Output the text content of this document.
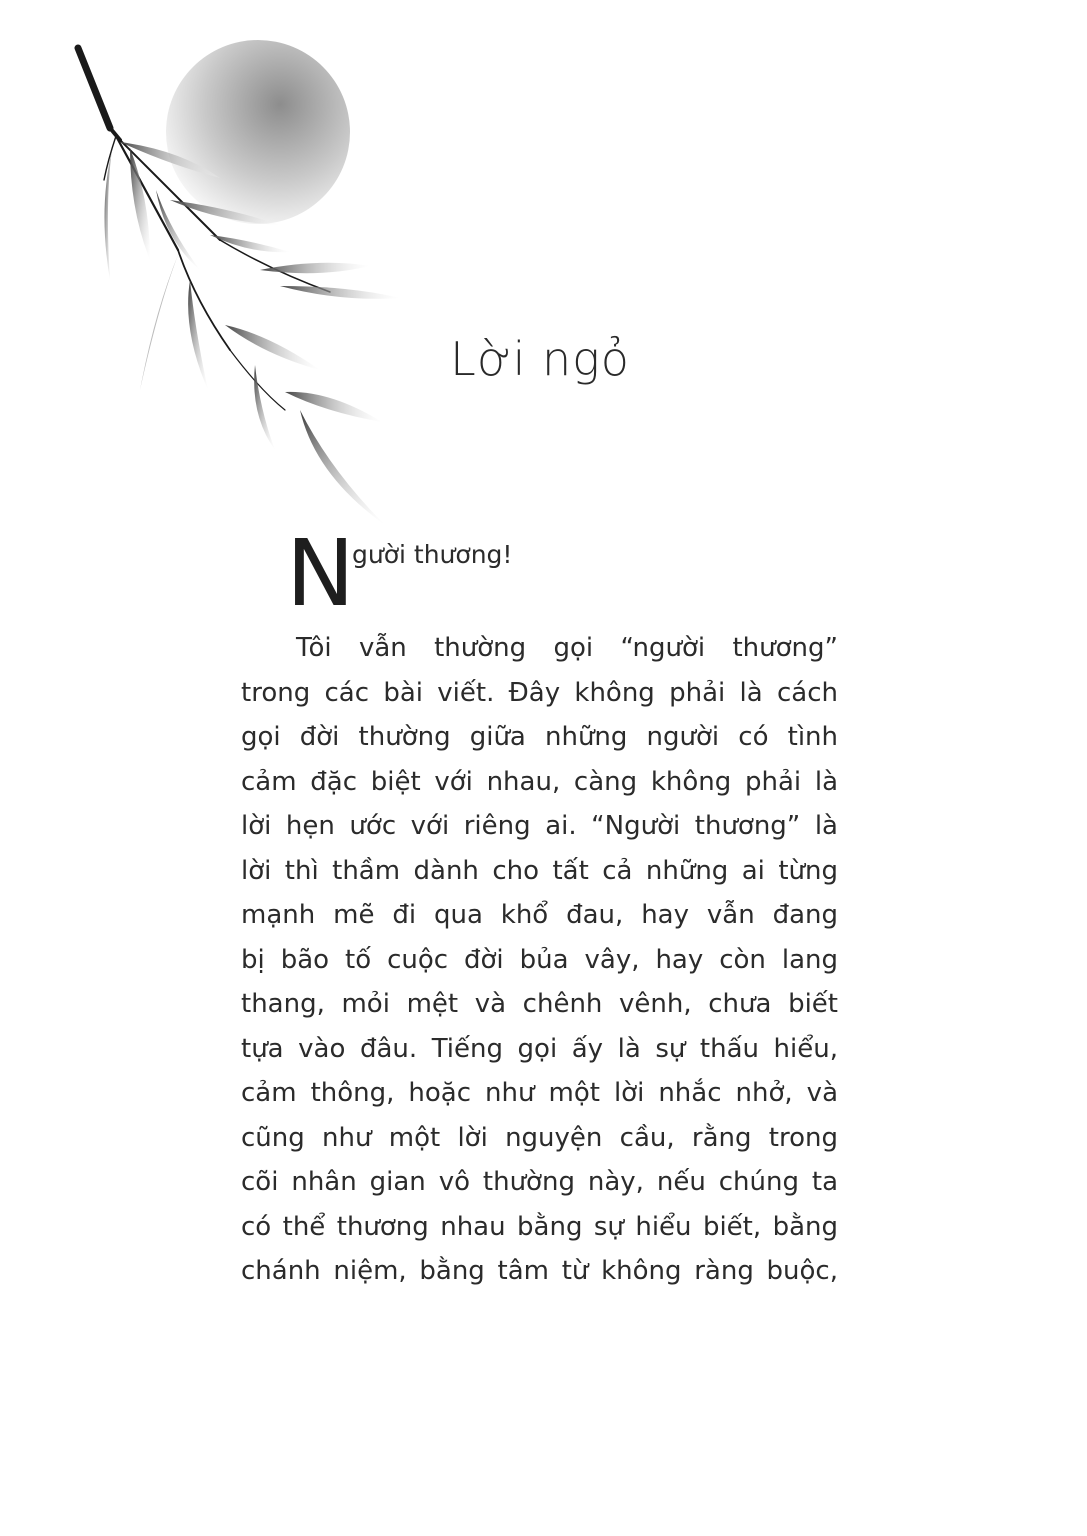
Lời ngỏ
N
gười thương!
Tôi vẫn thường gọi “người thương”
trong các bài viết. Đây không phải là cách
gọi đời thường giữa những người có tình
cảm đặc biệt với nhau, càng không phải là
lời hẹn ước với riêng ai. “Người thương” là
lời thì thầm dành cho tất cả những ai từng
mạnh mẽ đi qua khổ đau, hay vẫn đang
bị bão tố cuộc đời bủa vây, hay còn lang
thang, mỏi mệt và chênh vênh, chưa biết
tựa vào đâu. Tiếng gọi ấy là sự thấu hiểu,
cảm thông, hoặc như một lời nhắc nhở, và
cũng như một lời nguyện cầu, rằng trong
cõi nhân gian vô thường này, nếu chúng ta
có thể thương nhau bằng sự hiểu biết, bằng
chánh niệm, bằng tâm từ không ràng buộc,
